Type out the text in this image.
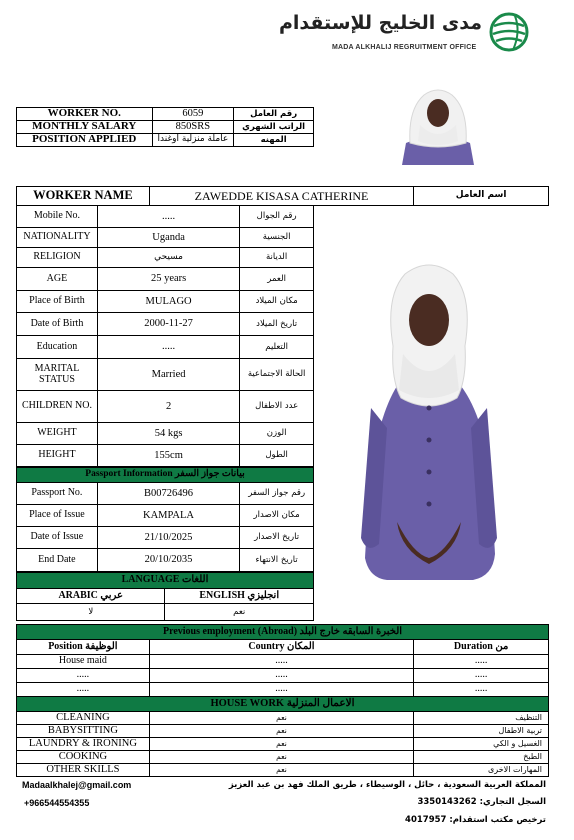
مدى الخليج للإستقدام
MADA ALKHALIJ REGRUITMENT OFFICE
WORKER NO.	6059	رقم العامل
MONTHLY SALARY	850SRS	الراتب الشهري
POSITION APPLIED	عاملة منزلية اوغندا	المهنه
WORKER NAME	ZAWEDDE KISASA CATHERINE	اسم العامل
Mobile No.	.....	رقم الجوال
NATIONALITY	Uganda	الجنسية
RELIGION	مسيحي	الديانة
AGE	25 years	العمر
Place of Birth	MULAGO	مكان الميلاد
Date of Birth	2000-11-27	تاريخ الميلاد
Education	.....	التعليم
MARITAL STATUS	Married	الحالة الاجتماعية
CHILDREN NO.	2	عدد الاطفال
WEIGHT	54 kgs	الوزن
HEIGHT	155cm	الطول
Passport Information بيانات جواز السفر		
Passport No.	B00726496	رقم جواز السفر
Place of Issue	KAMPALA	مكان الاصدار
Date of Issue	21/10/2025	تاريخ الاصدار
End Date	20/10/2035	تاريخ الانتهاء
LANGUAGE اللغات	
ARABIC عربي	ENGLISH انجليزي
لا	نعم
Previous employment (Abroad) الخبرة السابقه خارج البلد		
Position الوظيفة	Country المكان	Duration من
House maid	.....	.....
.....	.....	.....
.....	.....	.....
HOUSE WORK الاعمال المنزلية		
CLEANING	نعم	التنظيف
BABYSITTING	نعم	تربية الاطفال
LAUNDRY & IRONING	نعم	الغسيل و الكي
COOKING	نعم	الطبخ
OTHER SKILLS	نعم	المهارات الاخرى
Madaalkhalej@gmail.com
+966544554355
المملكة العربية السعودية ، حائل ، الوسيطاء ، طريق الملك فهد بن عبد العزيز
السجل التجاري: 3350143262
ترخيص مكتب استقدام: 4017957
